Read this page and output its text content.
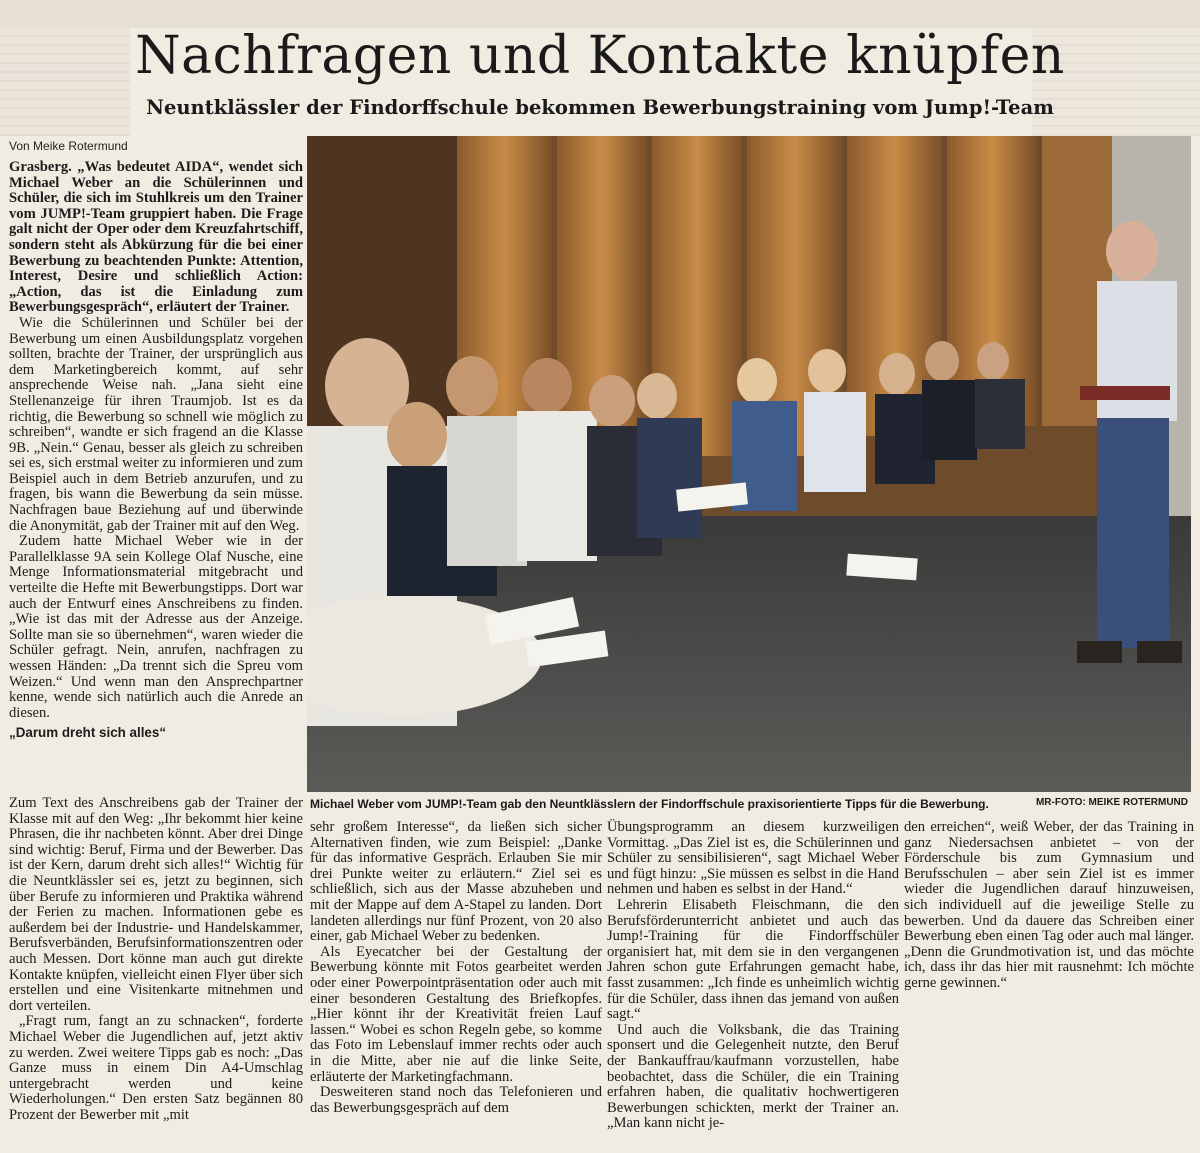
Nachfragen und Kontakte knüpfen
Neuntklässler der Findorffschule bekommen Bewerbungstraining vom Jump!-Team
Von Meike Rotermund

Grasberg. „Was bedeutet AIDA“, wendet sich Michael Weber an die Schülerinnen und Schüler, die sich im Stuhlkreis um den Trainer vom JUMP!-Team gruppiert haben. Die Frage galt nicht der Oper oder dem Kreuzfahrtschiff, sondern steht als Abkürzung für die bei einer Bewerbung zu beachtenden Punkte: Attention, Interest, Desire und schließlich Action: „Action, das ist die Einladung zum Bewerbungsgespräch“, erläutert der Trainer.

Wie die Schülerinnen und Schüler bei der Bewerbung um einen Ausbildungsplatz vorgehen sollten, brachte der Trainer, der ursprünglich aus dem Marketingbereich kommt, auf sehr ansprechende Weise nah. „Jana sieht eine Stellenanzeige für ihren Traumjob. Ist es da richtig, die Bewerbung so schnell wie möglich zu schreiben“, wandte er sich fragend an die Klasse 9B. „Nein.“ Genau, besser als gleich zu schreiben sei es, sich erstmal weiter zu informieren und zum Beispiel auch in dem Betrieb anzurufen, und zu fragen, bis wann die Bewerbung da sein müsse. Nachfragen baue Beziehung auf und überwinde die Anonymität, gab der Trainer mit auf den Weg.

Zudem hatte Michael Weber wie in der Parallelklasse 9A sein Kollege Olaf Nusche, eine Menge Informationsmaterial mitgebracht und verteilte die Hefte mit Bewerbungstipps. Dort war auch der Entwurf eines Anschreibens zu finden. „Wie ist das mit der Adresse aus der Anzeige. Sollte man sie so übernehmen“, waren wieder die Schüler gefragt. Nein, anrufen, nachfragen zu wessen Händen: „Da trennt sich die Spreu vom Weizen.“ Und wenn man den Ansprechpartner kenne, wende sich natürlich auch die Anrede an diesen.

„Darum dreht sich alles“

Zum Text des Anschreibens gab der Trainer der Klasse mit auf den Weg: „Ihr bekommt hier keine Phrasen, die ihr nachbeten könnt. Aber drei Dinge sind wichtig: Beruf, Firma und der Bewerber. Das ist der Kern, darum dreht sich alles!“ Wichtig für die Neuntklässler sei es, jetzt zu beginnen, sich über Berufe zu informieren und Praktika während der Ferien zu machen. Informationen gebe es außerdem bei der Industrie- und Handelskammer, Berufsverbänden, Berufsinformationszentren oder auch Messen. Dort könne man auch gut direkte Kontakte knüpfen, vielleicht einen Flyer über sich erstellen und eine Visitenkarte mitnehmen und dort verteilen.

„Fragt rum, fangt an zu schnacken“, forderte Michael Weber die Jugendlichen auf, jetzt aktiv zu werden. Zwei weitere Tipps gab es noch: „Das Ganze muss in einem Din A4-Umschlag untergebracht werden und keine Wiederholungen.“ Den ersten Satz begännen 80 Prozent der Bewerber mit „mit

Michael Weber vom JUMP!-Team gab den Neuntklässlern der Findorffschule praxisorientierte Tipps für die Bewerbung.	MR-FOTO: MEIKE ROTERMUND

sehr großem Interesse“, da ließen sich sicher Alternativen finden, wie zum Beispiel: „Danke für das informative Gespräch. Erlauben Sie mir drei Punkte weiter zu erläutern.“ Ziel sei es schließlich, sich aus der Masse abzuheben und mit der Mappe auf dem A-Stapel zu landen. Dort landeten allerdings nur fünf Prozent, von 20 also einer, gab Michael Weber zu bedenken.

Als Eyecatcher bei der Gestaltung der Bewerbung könnte mit Fotos gearbeitet werden oder einer Powerpointpräsentation oder auch mit einer besonderen Gestaltung des Briefkopfes. „Hier könnt ihr der Kreativität freien Lauf lassen.“ Wobei es schon Regeln gebe, so komme das Foto im Lebenslauf immer rechts oder auch in die Mitte, aber nie auf die linke Seite, erläuterte der Marketingfachmann.

Desweiteren stand noch das Telefonieren und das Bewerbungsgespräch auf dem

Übungsprogramm an diesem kurzweiligen Vormittag. „Das Ziel ist es, die Schülerinnen und Schüler zu sensibilisieren“, sagt Michael Weber und fügt hinzu: „Sie müssen es selbst in die Hand nehmen und haben es selbst in der Hand.“

Lehrerin Elisabeth Fleischmann, die den Berufsförderunterricht anbietet und auch das Jump!-Training für die Findorffschüler organisiert hat, mit dem sie in den vergangenen Jahren schon gute Erfahrungen gemacht habe, fasst zusammen: „Ich finde es unheimlich wichtig für die Schüler, dass ihnen das jemand von außen sagt.“

Und auch die Volksbank, die das Training sponsert und die Gelegenheit nutzte, den Beruf der Bankauffrau/kaufmann vorzustellen, habe beobachtet, dass die Schüler, die ein Training erfahren haben, die qualitativ hochwertigeren Bewerbungen schickten, merkt der Trainer an. „Man kann nicht je-

den erreichen“, weiß Weber, der das Training in ganz Niedersachsen anbietet – von der Förderschule bis zum Gymnasium und Berufsschulen – aber sein Ziel ist es immer wieder die Jugendlichen darauf hinzuweisen, sich individuell auf die jeweilige Stelle zu bewerben. Und da dauere das Schreiben einer Bewerbung eben einen Tag oder auch mal länger. „Denn die Grundmotivation ist, und das möchte ich, dass ihr das hier mit rausnehmt: Ich möchte gerne gewinnen.“
